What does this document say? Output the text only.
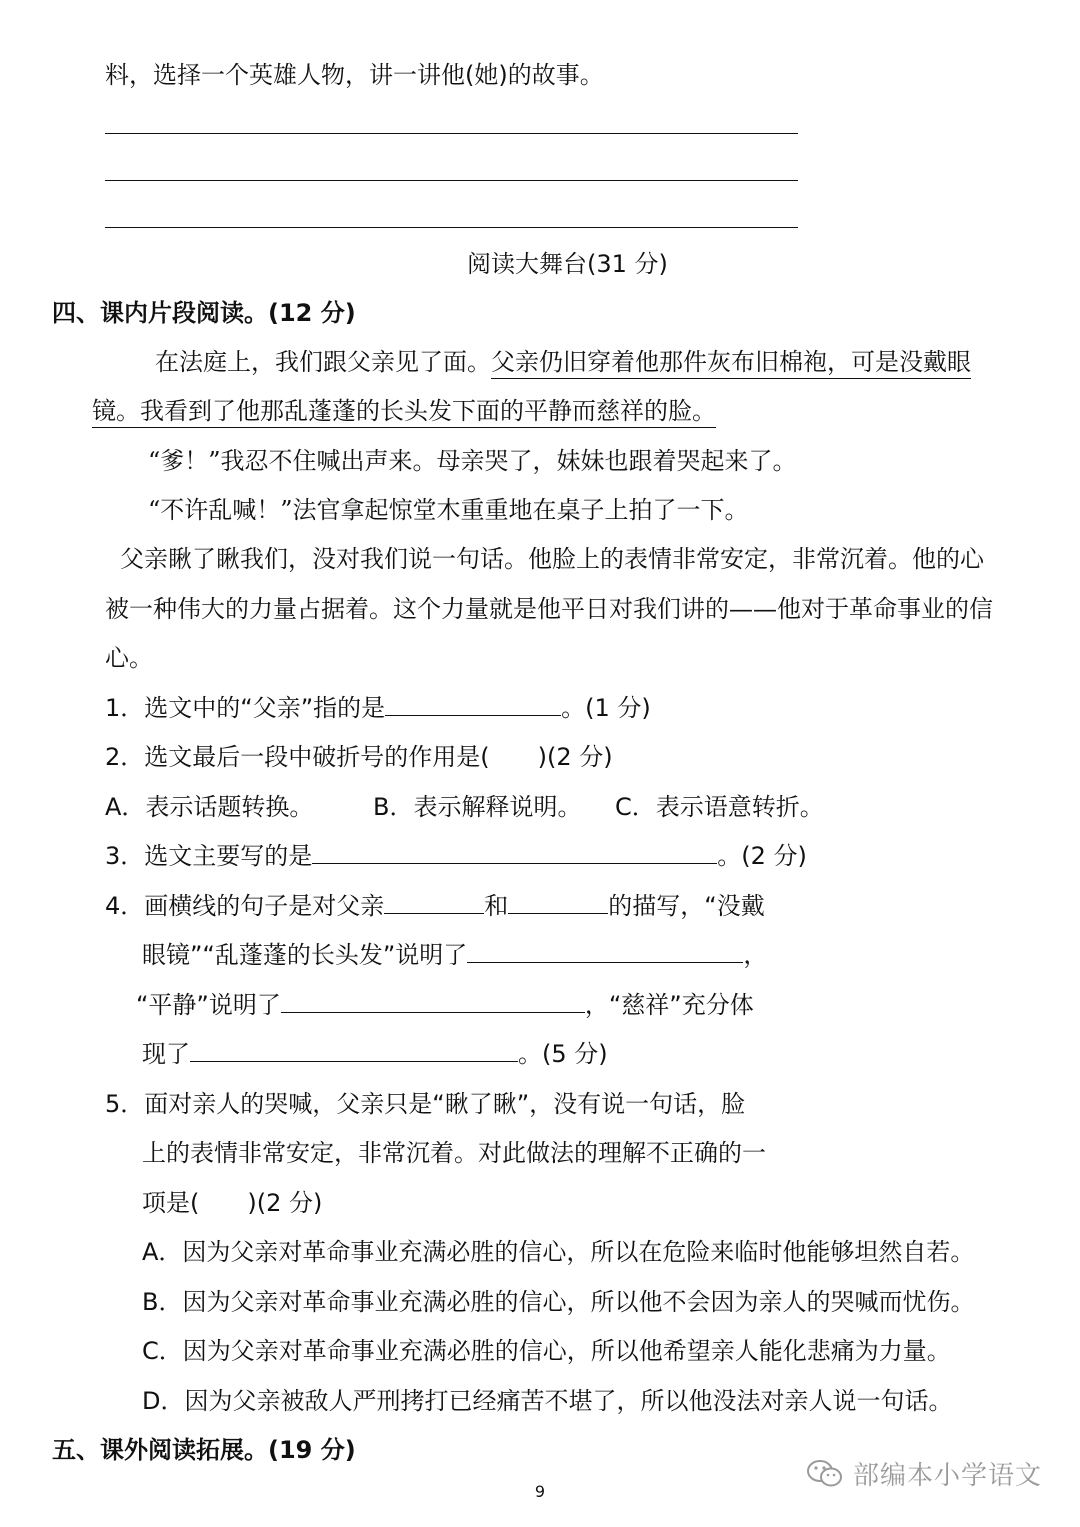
料，选择一个英雄人物，讲一讲他(她)的故事。
阅读大舞台(31 分)
四、课内片段阅读。(12 分)
在法庭上，我们跟父亲见了面。父亲仍旧穿着他那件灰布旧棉袍，可是没戴眼
镜。我看到了他那乱蓬蓬的长头发下面的平静而慈祥的脸。
“爹！”我忍不住喊出声来。母亲哭了，妹妹也跟着哭起来了。
“不许乱喊！”法官拿起惊堂木重重地在桌子上拍了一下。
父亲瞅了瞅我们，没对我们说一句话。他脸上的表情非常安定，非常沉着。他的心
被一种伟大的力量占据着。这个力量就是他平日对我们讲的——他对于革命事业的信
心。
1．选文中的“父亲”指的是	。(1 分)
2．选文最后一段中破折号的作用是(　　)(2 分)
A．表示话题转换。 B．表示解释说明。 C．表示语意转折。
3．选文主要写的是	。(2 分)
4．画横线的句子是对父亲	和	的描写，“没戴
眼镜”“乱蓬蓬的长头发”说明了	，
“平静”说明了	，“慈祥”充分体
现了	。(5 分)
5．面对亲人的哭喊，父亲只是“瞅了瞅”，没有说一句话，脸
上的表情非常安定，非常沉着。对此做法的理解不正确的一
项是(　　)(2 分)
A．因为父亲对革命事业充满必胜的信心，所以在危险来临时他能够坦然自若。
B．因为父亲对革命事业充满必胜的信心，所以他不会因为亲人的哭喊而忧伤。
C．因为父亲对革命事业充满必胜的信心，所以他希望亲人能化悲痛为力量。
D．因为父亲被敌人严刑拷打已经痛苦不堪了，所以他没法对亲人说一句话。
五、课外阅读拓展。(19 分)
部编本小学语文
9
